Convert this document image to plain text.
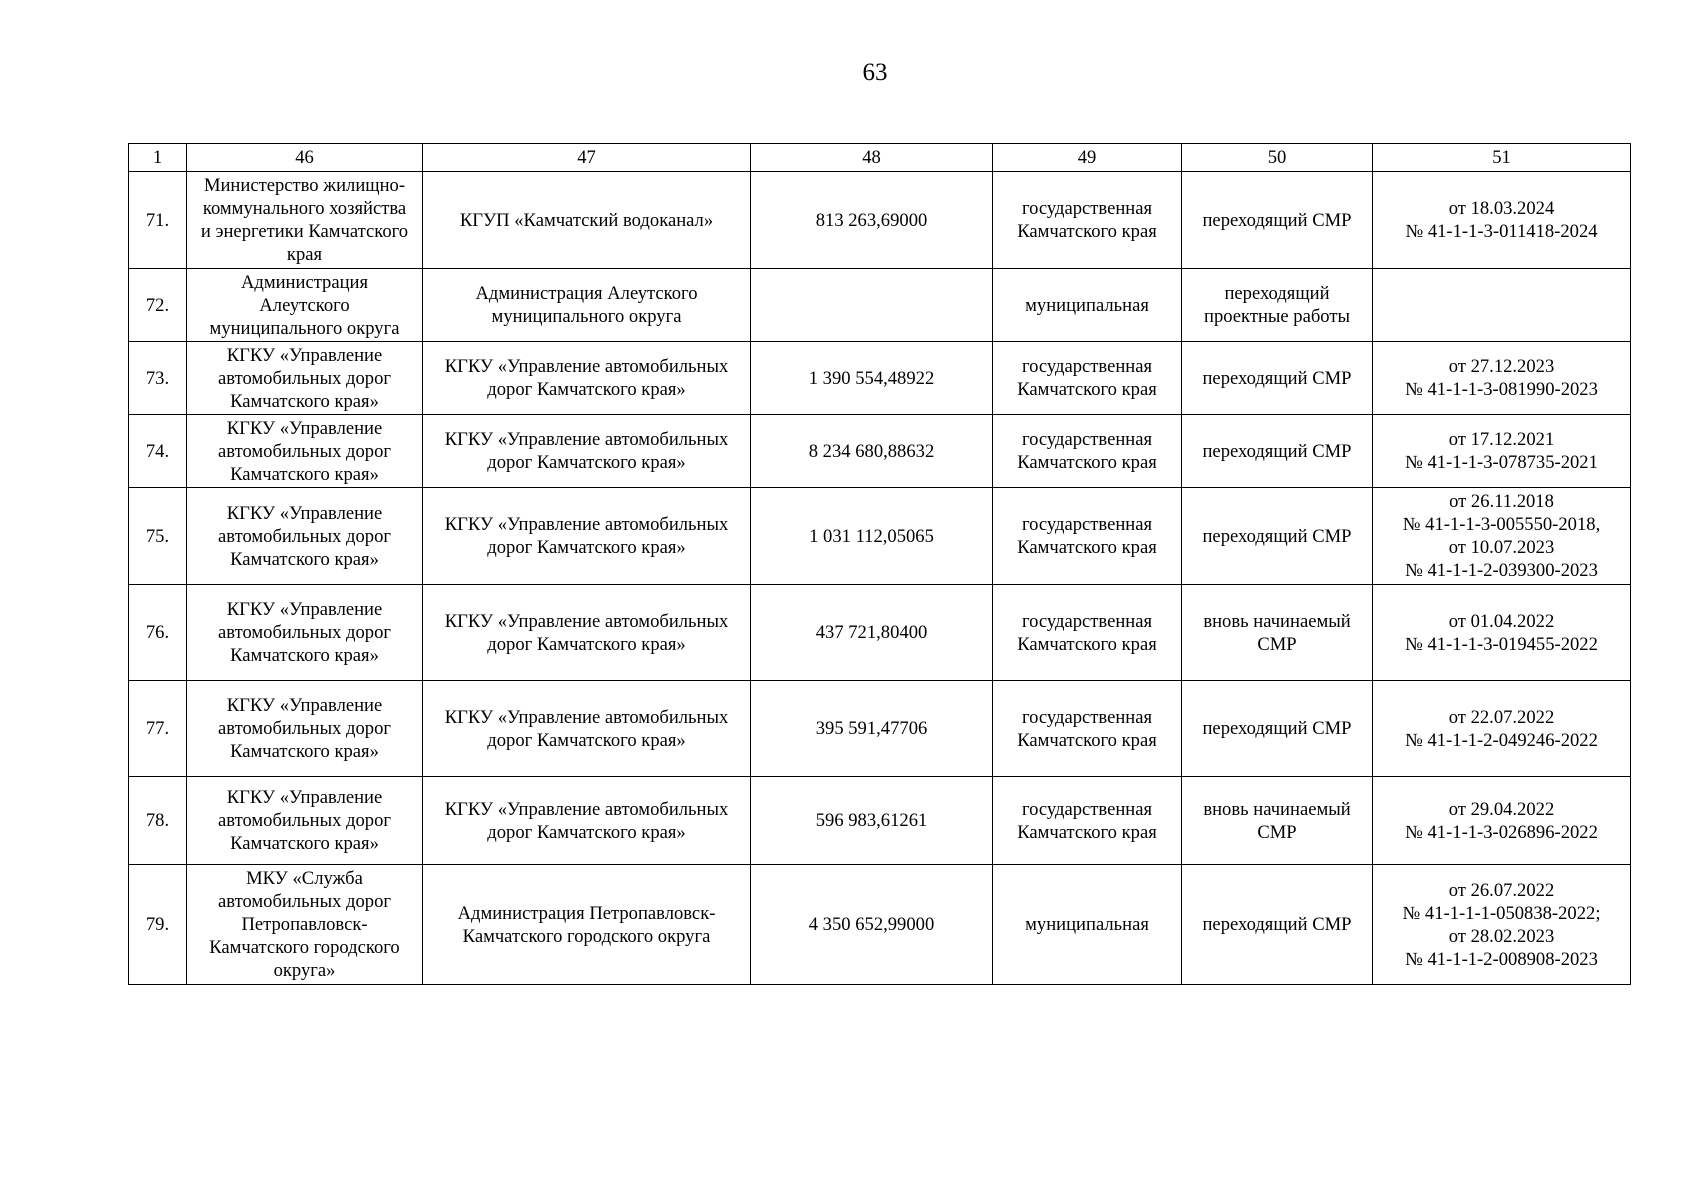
63
1	46	47	48	49	50	51
71.	Министерство жилищно-
коммунального хозяйства
и энергетики Камчатского
края	КГУП «Камчатский водоканал»	813 263,69000	государственная
Камчатского края	переходящий СМР	от 18.03.2024
№ 41-1-1-3-011418-2024
72.	Администрация
Алеутского
муниципального округа	Администрация Алеутского
муниципального округа		муниципальная	переходящий
проектные работы	
73.	КГКУ «Управление
автомобильных дорог
Камчатского края»	КГКУ «Управление автомобильных
дорог Камчатского края»	1 390 554,48922	государственная
Камчатского края	переходящий СМР	от 27.12.2023
№ 41-1-1-3-081990-2023
74.	КГКУ «Управление
автомобильных дорог
Камчатского края»	КГКУ «Управление автомобильных
дорог Камчатского края»	8 234 680,88632	государственная
Камчатского края	переходящий СМР	от 17.12.2021
№ 41-1-1-3-078735-2021
75.	КГКУ «Управление
автомобильных дорог
Камчатского края»	КГКУ «Управление автомобильных
дорог Камчатского края»	1 031 112,05065	государственная
Камчатского края	переходящий СМР	от 26.11.2018
№ 41-1-1-3-005550-2018,
от 10.07.2023
№ 41-1-1-2-039300-2023
76.	КГКУ «Управление
автомобильных дорог
Камчатского края»	КГКУ «Управление автомобильных
дорог Камчатского края»	437 721,80400	государственная
Камчатского края	вновь начинаемый
СМР	от 01.04.2022
№ 41-1-1-3-019455-2022
77.	КГКУ «Управление
автомобильных дорог
Камчатского края»	КГКУ «Управление автомобильных
дорог Камчатского края»	395 591,47706	государственная
Камчатского края	переходящий СМР	от 22.07.2022
№ 41-1-1-2-049246-2022
78.	КГКУ «Управление
автомобильных дорог
Камчатского края»	КГКУ «Управление автомобильных
дорог Камчатского края»	596 983,61261	государственная
Камчатского края	вновь начинаемый
СМР	от 29.04.2022
№ 41-1-1-3-026896-2022
79.	МКУ «Служба
автомобильных дорог
Петропавловск-
Камчатского городского
округа»	Администрация Петропавловск-
Камчатского городского округа	4 350 652,99000	муниципальная	переходящий СМР	от 26.07.2022
№ 41-1-1-1-050838-2022;
от 28.02.2023
№ 41-1-1-2-008908-2023
